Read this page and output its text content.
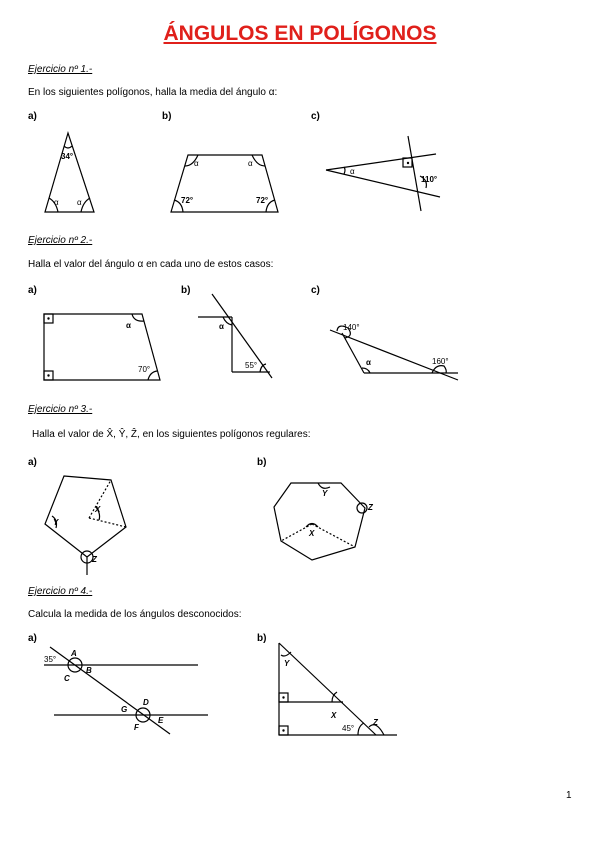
ÁNGULOS EN POLÍGONOS
Ejercicio nº 1.-
En los siguientes polígonos, halla la media del ángulo α:
a)	b)	c)
34°
α α
α	α
72°	72°
α
110°
α
70°
α
55°
140°
α	160°
X
Y
Z
X
Y
Z
35°
A
B
C
D
E
F
G
Y
X
Z
45°
Ejercicio nº 2.-
Halla el valor del ángulo α en cada uno de estos casos:
a)	b)	c)
Ejercicio nº 3.-
Halla el valor de X̂, Ŷ, Ẑ, en los siguientes polígonos regulares:
a)	b)
Ejercicio nº 4.-
Calcula la medida de los ángulos desconocidos:
a)	b)
1
